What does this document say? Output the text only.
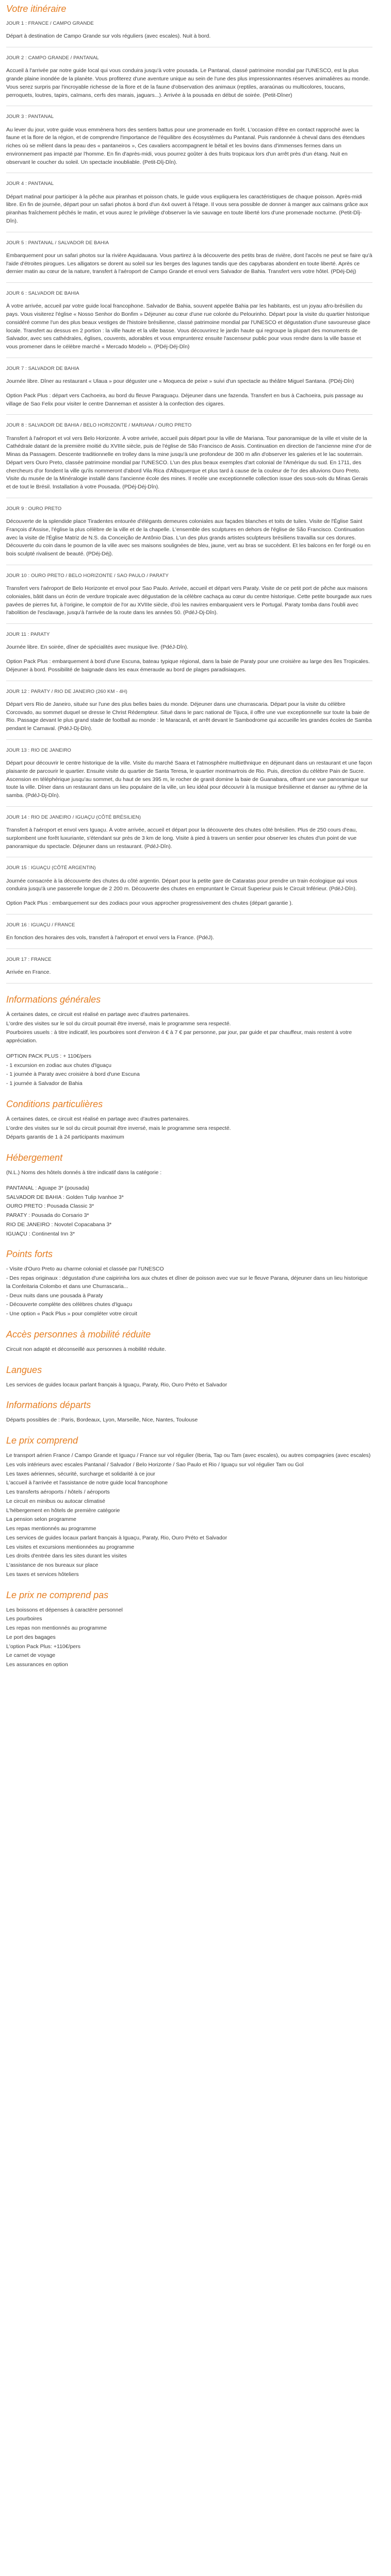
Votre itinéraire
JOUR 1 : FRANCE / CAMPO GRANDE

Départ à destination de Campo Grande sur vols réguliers (avec escales). Nuit à bord.

JOUR 2 : CAMPO GRANDE / PANTANAL

Accueil à l'arrivée par notre guide local qui vous conduira jusqu'à votre pousada. Le Pantanal, classé patrimoine mondial par l'UNESCO, est la plus grande plaine inondée de la planète. Vous profiterez d'une aventure unique au sein de l'une des plus impressionnantes réserves animalières au monde. Vous serez surpris par l'incroyable richesse de la flore et de la faune d'observation des animaux (reptiles, araraúnas ou multicolores, toucans, perroquets, loutres, tapirs, caïmans, cerfs des marais, jaguars...). Arrivée à la pousada en début de soirée. (Petit-Dîner)

JOUR 3 : PANTANAL

Au lever du jour, votre guide vous emmènera hors des sentiers battus pour une promenade en forêt. L'occasion d'être en contact rapproché avec la faune et la flore de la région, et de comprendre l'importance de l'équilibre des écosystèmes du Pantanal. Puis randonnée à cheval dans des étendues riches où se mêlent dans la peau des « pantaneiros », Ces cavaliers accompagnent le bétail et les bovins dans d'immenses fermes dans un environnement pas impacté par l'homme. En fin d'après-midi, vous pourrez goûter à des fruits tropicaux lors d'un arrêt près d'un étang. Nuit en observant le coucher du soleil. Un spectacle inoubliable. (Petit-Dîj-Dîn).

JOUR 4 : PANTANAL

Départ matinal pour participer à la pêche aux piranhas et poisson chats, le guide vous expliquera les caractéristiques de chaque poisson. Après-midi libre. En fin de journée, départ pour un safari photos à bord d'un 4x4 ouvert à l'étage. Il vous sera possible de donner à manger aux caïmans grâce aux piranhas fraîchement pêchés le matin, et vous aurez le privilège d'observer la vie sauvage en toute liberté lors d'une promenade nocturne. (Petit-Dîj-Dîn).

JOUR 5 : PANTANAL / SALVADOR DE BAHIA

Embarquement pour un safari photos sur la rivière Aquidauana. Vous partirez à la découverte des petits bras de rivière, dont l'accès ne peut se faire qu'à l'aide d'étroites pirogues. Les alligators se dorent au soleil sur les berges des lagunes tandis que des capybaras abondent en toute liberté. Après ce dernier matin au cœur de la nature, transfert à l'aéroport de Campo Grande et envol vers Salvador de Bahia. Transfert vers votre hôtel. (PDéj-Déj)

JOUR 6 : SALVADOR DE BAHIA

À votre arrivée, accueil par votre guide local francophone. Salvador de Bahia, souvent appelée Bahia par les habitants, est un joyau afro-brésilien du pays. Vous visiterez l'église « Nosso Senhor do Bonfim » Déjeuner au cœur d'une rue colorée du Pelourinho. Départ pour la visite du quartier historique considéré comme l'un des plus beaux vestiges de l'histoire brésilienne, classé patrimoine mondial par l'UNESCO et dégustation d'une savoureuse glace locale. Transfert au dessus en 2 portion : la ville haute et la ville basse. Vous découvrirez le jardin haute qui regroupe la plupart des monuments de Salvador, avec ses cathédrales, églises, couvents, adorables et vous emprunterez ensuite l'ascenseur public pour vous rendre dans la ville basse et vous promener dans le célèbre marché « Mercado Modelo ». (PDéj-Déj-Dîn)

JOUR 7 : SALVADOR DE BAHIA

Journée libre. Dîner au restaurant « Ulaua » pour déguster une « Moqueca de peixe » suivi d'un spectacle au théâtre Miguel Santana. (PDéj-Dîn)

Option Pack Plus : départ vers Cachoeira, au bord du fleuve Paraguaçu. Déjeuner dans une fazenda. Transfert en bus à Cachoeira, puis passage au village de Sao Felix pour visiter le centre Danneman et assister à la confection des cigares.

JOUR 8 : SALVADOR DE BAHIA / BELO HORIZONTE / MARIANA / OURO PRETO

Transfert à l'aéroport et vol vers Belo Horizonte. À votre arrivée, accueil puis départ pour la ville de Mariana. Tour panoramique de la ville et visite de la Cathédrale datant de la première moitié du XVIIIe siècle, puis de l'église de São Francisco de Assis. Continuation en direction de l'ancienne mine d'or de Minas da Passagem. Descente traditionnelle en trolley dans la mine jusqu'à une profondeur de 300 m afin d'observer les galeries et le lac souterrain. Départ vers Ouro Preto, classée patrimoine mondial par l'UNESCO. L'un des plus beaux exemples d'art colonial de l'Amérique du sud. En 1711, des chercheurs d'or fondent la ville qu'ils nommeront d'abord Vila Rica d'Albuquerque et plus tard à cause de la couleur de l'or des alluvions Ouro Preto. Visite du musée de la Minéralogie installé dans l'ancienne école des mines. Il recèle une exceptionnelle collection issue des sous-sols du Minas Gerais et de tout le Brésil. Installation à votre Pousada. (PDéj-Déj-Dîn).

JOUR 9 : OURO PRETO

Découverte de la splendide place Tiradentes entourée d'élégants demeures coloniales aux façades blanches et toits de tuiles. Visite de l'Église Saint François d'Assise, l'église la plus célèbre de la ville et de la chapelle. L'ensemble des sculptures en dehors de l'église de São Francisco. Continuation avec la visite de l'Église Matriz de N.S. da Conceição de Antônio Dias. L'un des plus grands artistes sculpteurs brésiliens travailla sur ces dorures. Découverte du coin dans le poumon de la ville avec ses maisons soulignées de bleu, jaune, vert au bras se succèdent. Et les balcons en fer forgé ou en bois sculpté rivalisent de beauté. (PDéj-Déj).

JOUR 10 : OURO PRETO / BELO HORIZONTE / SAO PAULO / PARATY

Transfert vers l'aéroport de Belo Horizonte et envol pour Sao Paulo. Arrivée, accueil et départ vers Paraty. Visite de ce petit port de pêche aux maisons coloniales, bâtit dans un écrin de verdure tropicale avec dégustation de la célèbre cachaça au cœur du centre historique. Cette petite bourgade aux rues pavées de pierres fut, à l'origine, le comptoir de l'or au XVIIIe siècle, d'où les navires embarquaient vers le Portugal. Paraty tomba dans l'oubli avec l'abolition de l'esclavage, jusqu'à l'arrivée de la route dans les années 50. (PdéJ-Dj-Dîn).

JOUR 11 : PARATY

Journée libre. En soirée, dîner de spécialités avec musique live. (PdéJ-Dîn).

Option Pack Plus : embarquement à bord d'une Escuna, bateau typique régional, dans la baie de Paraty pour une croisière au large des îles Tropicales. Déjeuner à bord. Possibilité de baignade dans les eaux émeraude au bord de plages paradisiaques.

JOUR 12 : PARATY / RIO DE JANEIRO (260 KM - 4H)

Départ vers Rio de Janeiro, située sur l'une des plus belles baies du monde. Déjeuner dans une churrascaria. Départ pour la visite du célèbre Corcovado, au sommet duquel se dresse le Christ Rédempteur. Situé dans le parc national de Tijuca, il offre une vue exceptionnelle sur toute la baie de Rio. Passage devant le plus grand stade de football au monde : le Maracanã, et arrêt devant le Sambodrome qui accueille les grandes écoles de Samba pendant le Carnaval. (PdéJ-Dj-Dîn).

JOUR 13 : RIO DE JANEIRO

Départ pour découvrir le centre historique de la ville. Visite du marché Saara et l'atmosphère multiethnique en déjeunant dans un restaurant et une façon plaisante de parcourir le quartier. Ensuite visite du quartier de Santa Teresa, le quartier montmartrois de Rio. Puis, direction du célèbre Pain de Sucre. Ascension en téléphérique jusqu'au sommet, du haut de ses 395 m, le rocher de granit domine la baie de Guanabara, offrant une vue panoramique sur toute la ville. Dîner dans un restaurant dans un lieu populaire de la ville, un lieu idéal pour découvrir à la musique brésilienne et danser au rythme de la samba. (PdéJ-Dj-Dîn).

JOUR 14 : RIO DE JANEIRO / IGUAÇU (CÔTÉ BRÉSILIEN)

Transfert à l'aéroport et envol vers Iguaçu. À votre arrivée, accueil et départ pour la découverte des chutes côté brésilien. Plus de 250 cours d'eau, surplombent une forêt luxuriante, s'étendant sur près de 3 km de long. Visite à pied à travers un sentier pour observer les chutes d'un point de vue panoramique du spectacle. Déjeuner dans un restaurant. (PdéJ-Dîn).

JOUR 15 : IGUAÇU (CÔTÉ ARGENTIN)

Journée consacrée à la découverte des chutes du côté argentin. Départ pour la petite gare de Cataratas pour prendre un train écologique qui vous conduira jusqu'à une passerelle longue de 2 200 m. Découverte des chutes en empruntant le Circuit Superieur puis le Circuit Inférieur. (PdéJ-Dîn).

Option Pack Plus : embarquement sur des zodiacs pour vous approcher progressivement des chutes (départ garantie ).

JOUR 16 : IGUAÇU / FRANCE

En fonction des horaires des vols, transfert à l'aéroport et envol vers la France. (PdéJ).

JOUR 17 : FRANCE

Arrivée en France.

Informations générales

À certaines dates, ce circuit est réalisé en partage avec d'autres partenaires.

L'ordre des visites sur le sol du circuit pourrait être inversé, mais le programme sera respecté.

Pourboires usuels : à titre indicatif, les pourboires sont d'environ 4 € à 7 € par personne, par jour, par guide et par chauffeur, mais restent à votre appréciation.

OPTION PACK PLUS : + 110€/pers

- 1 excursion en zodiac aux chutes d'Iguaçu

- 1 journée à Paraty avec croisière à bord d'une Escuna

- 1 journée à Salvador de Bahia

Conditions particulières

À certaines dates, ce circuit est réalisé en partage avec d'autres partenaires.

L'ordre des visites sur le sol du circuit pourrait être inversé, mais le programme sera respecté.

Départs garantis de 1 à 24 participants maximum

Hébergement

(N.L.) Noms des hôtels donnés à titre indicatif dans la catégorie :

PANTANAL : Aguape 3* (pousada)

SALVADOR DE BAHIA : Golden Tulip Ivanhoe 3*

OURO PRETO : Pousada Classic 3*

PARATY : Pousada do Corsario 3*

RIO DE JANEIRO : Novotel Copacabana 3*

IGUAÇU : Continental Inn 3*

Points forts

- Visite d'Ouro Preto au charme colonial et classée par l'UNESCO

- Des repas originaux : dégustation d'une caipirinha lors aux chutes et dîner de poisson avec vue sur le fleuve Parana, déjeuner dans un lieu historique la Confeitaria Colombo et dans une Churrascaria...

- Deux nuits dans une pousada à Paraty

- Découverte complète des célèbres chutes d'Iguaçu

- Une option « Pack Plus » pour compléter votre circuit

Accès personnes à mobilité réduite

Circuit non adapté et déconseillé aux personnes à mobilité réduite.

Langues

Les services de guides locaux parlant français à Iguaçu, Paraty, Rio, Ouro Préto et Salvador

Informations départs

Départs possibles de : Paris, Bordeaux, Lyon, Marseille, Nice, Nantes, Toulouse

Le prix comprend

Le transport aérien France / Campo Grande et Iguaçu / France sur vol régulier (Iberia, Tap ou Tam (avec escales), ou autres compagnies (avec escales)

Les vols intérieurs avec escales Pantanal / Salvador / Belo Horizonte / Sao Paulo et Rio / Iguaçu sur vol régulier Tam ou Gol

Les taxes aériennes, sécurité, surcharge et solidarité à ce jour

L'accueil à l'arrivée et l'assistance de notre guide local francophone

Les transferts aéroports / hôtels / aéroports

Le circuit en minibus ou autocar climatisé

L'hébergement en hôtels de première catégorie

La pension selon programme

Les repas mentionnés au programme

Les services de guides locaux parlant français à Iguaçu, Paraty, Rio, Ouro Préto et Salvador

Les visites et excursions mentionnées au programme

Les droits d'entrée dans les sites durant les visites

L'assistance de nos bureaux sur place

Les taxes et services hôteliers

Le prix ne comprend pas

Les boissons et dépenses à caractère personnel

Les pourboires

Les repas non mentionnés au programme

Le port des bagages

L'option Pack Plus: +110€/pers

Le carnet de voyage

Les assurances en option
